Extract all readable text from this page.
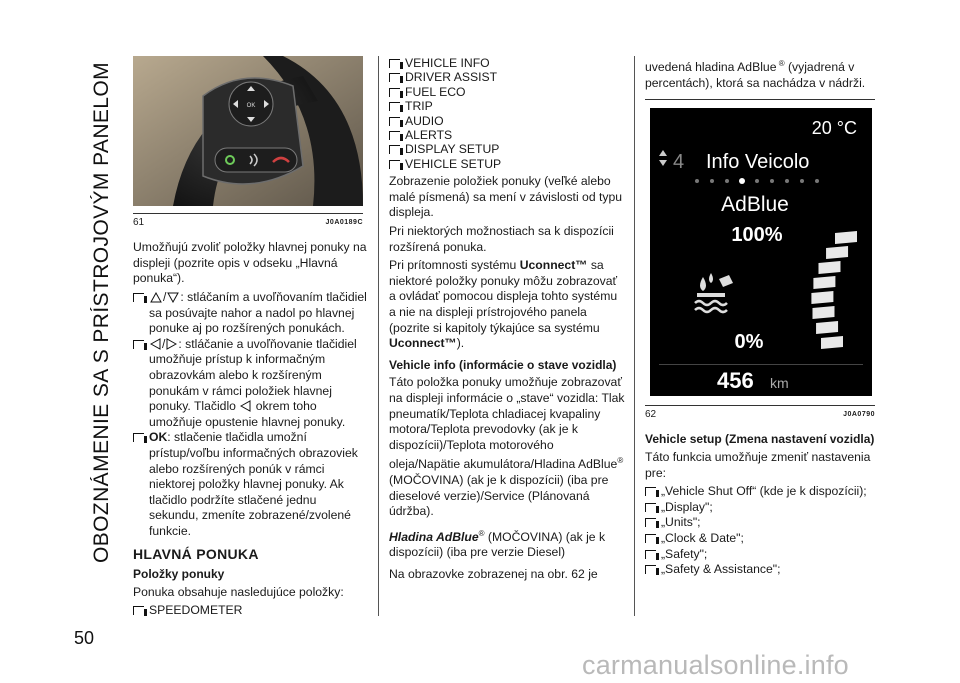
OBOZNÁMENIE SA S PRÍSTROJOVÝM PANELOM
50
carmanualsonline.info
OK
61	J0A0189C

Umožňujú zvoliť položky hlavnej ponuky na displeji (pozrite opis v odseku „Hlavná ponuka“).

/ : stláčaním a uvoľňovaním tlačidiel sa posúvajte nahor a nadol po hlavnej ponuke aj po rozšírených ponukách.
/ : stláčanie a uvoľňovanie tlačidiel umožňuje prístup k informačným obrazovkám alebo k rozšíreným ponukám v rámci položiek hlavnej ponuky. Tlačidlo okrem toho umožňuje opustenie hlavnej ponuky.
OK: stlačenie tlačidla umožní prístup/voľbu informačných obrazoviek alebo rozšírených ponúk v rámci niektorej položky hlavnej ponuky. Ak tlačidlo podržíte stlačené jednu sekundu, zmeníte zobrazené/zvolené funkcie.
HLAVNÁ PONUKA
Položky ponuky

Ponuka obsahuje nasledujúce položky:

SPEEDOMETER
VEHICLE INFO
DRIVER ASSIST
FUEL ECO
TRIP
AUDIO
ALERTS
DISPLAY SETUP
VEHICLE SETUP

Zobrazenie položiek ponuky (veľké alebo malé písmená) sa mení v závislosti od typu displeja.

Pri niektorých možnostiach sa k dispozícii rozšírená ponuka.

Pri prítomnosti systému Uconnect™ sa niektoré položky ponuky môžu zobrazovať a ovládať pomocou displeja tohto systému a nie na displeji prístrojového panela (pozrite si kapitoly týkajúce sa systému Uconnect™).

Vehicle info (informácie o stave vozidla)

Táto položka ponuky umožňuje zobrazovať na displeji informácie o „stave“ vozidla: Tlak pneumatík/Teplota chladiacej kvapaliny motora/Teplota prevodovky (ak je k dispozícii)/Teplota motorového oleja/Napätie akumulátora/Hladina AdBlue® (MOČOVINA) (ak je k dispozícii) (iba pre dieselové verzie)/Service (Plánovaná údržba).

Hladina AdBlue® (MOČOVINA) (ak je k dispozícii) (iba pre verzie Diesel)

Na obrazovke zobrazenej na obr. 62 je

uvedená hladina AdBlue ® (vyjadrená v percentách), ktorá sa nachádza v nádrži.

20 °C
4 Info Veicolo
AdBlue
100%
0%
456 km
62	J0A0790
Vehicle setup (Zmena nastavení vozidla)

Táto funkcia umožňuje zmeniť nastavenia pre:

„Vehicle Shut Off“ (kde je k dispozícii);
„Display";
„Units";
„Clock & Date";
„Safety";
„Safety & Assistance";
